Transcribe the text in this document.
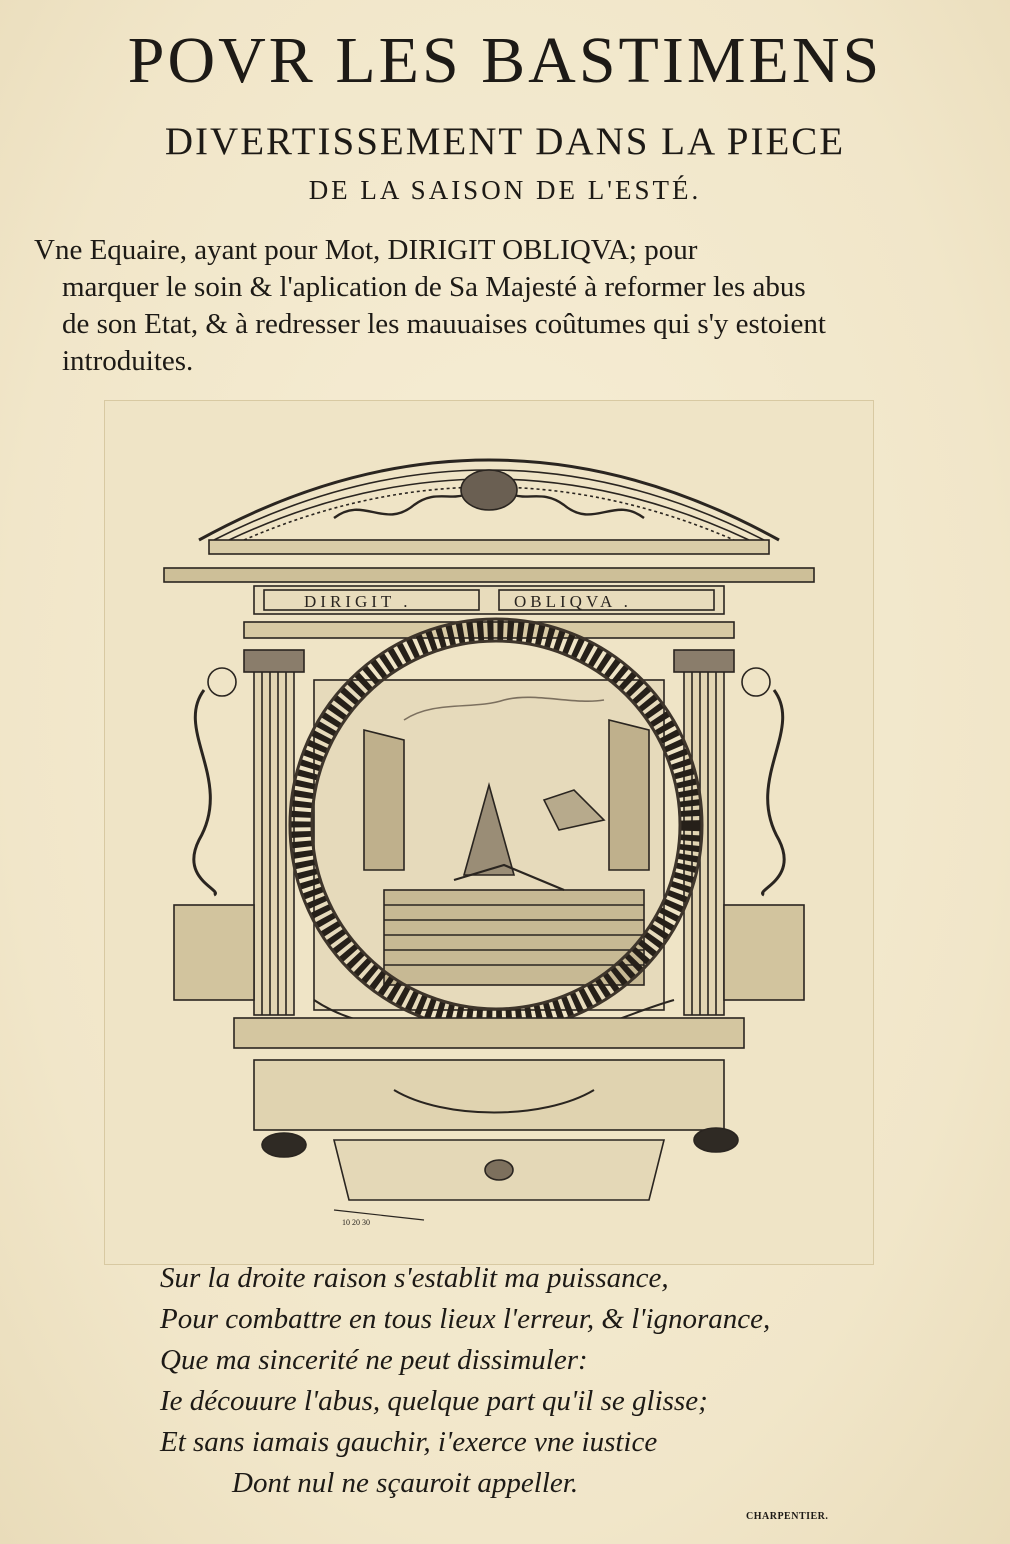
POVR LES BASTIMENS
DIVERTISSEMENT DANS LA PIECE
DE LA SAISON DE L'ESTÉ.
Vne Equaire, ayant pour Mot, DIRIGIT OBLIQVA; pour
marquer le soin & l'aplication de Sa Majesté à reformer les abus
de son Etat, & à redresser les mauuaises coûtumes qui s'y estoient
introduites.
DIRIGIT .	OBLIQVA .
10 20 30
Sur la droite raison s'establit ma puissance,
Pour combattre en tous lieux l'erreur, & l'ignorance,
Que ma sincerité ne peut dissimuler:
Ie découure l'abus, quelque part qu'il se glisse;
Et sans iamais gauchir, i'exerce vne iustice
Dont nul ne sçauroit appeller.
CHARPENTIER.
